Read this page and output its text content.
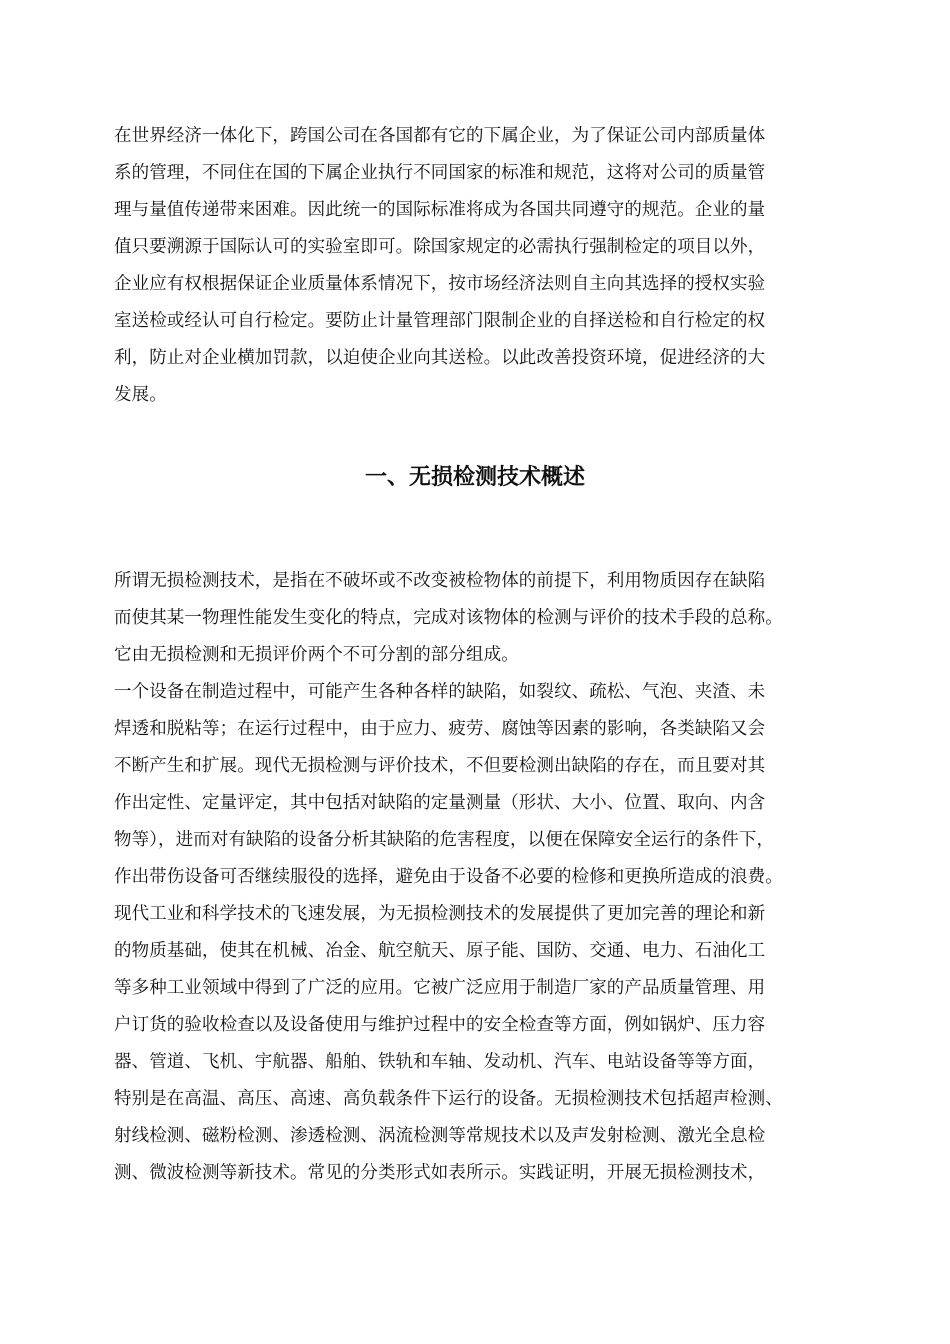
在世界经济一体化下，跨国公司在各国都有它的下属企业，为了保证公司内部质量体
系的管理，不同住在国的下属企业执行不同国家的标准和规范，这将对公司的质量管
理与量值传递带来困难。因此统一的国际标准将成为各国共同遵守的规范。企业的量
值只要溯源于国际认可的实验室即可。除国家规定的必需执行强制检定的项目以外，
企业应有权根据保证企业质量体系情况下，按市场经济法则自主向其选择的授权实验
室送检或经认可自行检定。要防止计量管理部门限制企业的自择送检和自行检定的权
利，防止对企业横加罚款，以迫使企业向其送检。以此改善投资环境，促进经济的大
发展。
一、无损检测技术概述
所谓无损检测技术，是指在不破坏或不改变被检物体的前提下，利用物质因存在缺陷
而使其某一物理性能发生变化的特点，完成对该物体的检测与评价的技术手段的总称。
它由无损检测和无损评价两个不可分割的部分组成。
一个设备在制造过程中，可能产生各种各样的缺陷，如裂纹、疏松、气泡、夹渣、未
焊透和脱粘等；在运行过程中，由于应力、疲劳、腐蚀等因素的影响，各类缺陷又会
不断产生和扩展。现代无损检测与评价技术，不但要检测出缺陷的存在，而且要对其
作出定性、定量评定，其中包括对缺陷的定量测量（形状、大小、位置、取向、内含
物等），进而对有缺陷的设备分析其缺陷的危害程度，以便在保障安全运行的条件下，
作出带伤设备可否继续服役的选择，避免由于设备不必要的检修和更换所造成的浪费。
现代工业和科学技术的飞速发展，为无损检测技术的发展提供了更加完善的理论和新
的物质基础，使其在机械、冶金、航空航天、原子能、国防、交通、电力、石油化工
等多种工业领域中得到了广泛的应用。它被广泛应用于制造厂家的产品质量管理、用
户订货的验收检查以及设备使用与维护过程中的安全检查等方面，例如锅炉、压力容
器、管道、飞机、宇航器、船舶、铁轨和车轴、发动机、汽车、电站设备等等方面，
特别是在高温、高压、高速、高负载条件下运行的设备。无损检测技术包括超声检测、
射线检测、磁粉检测、渗透检测、涡流检测等常规技术以及声发射检测、激光全息检
测、微波检测等新技术。常见的分类形式如表所示。实践证明，开展无损检测技术，
